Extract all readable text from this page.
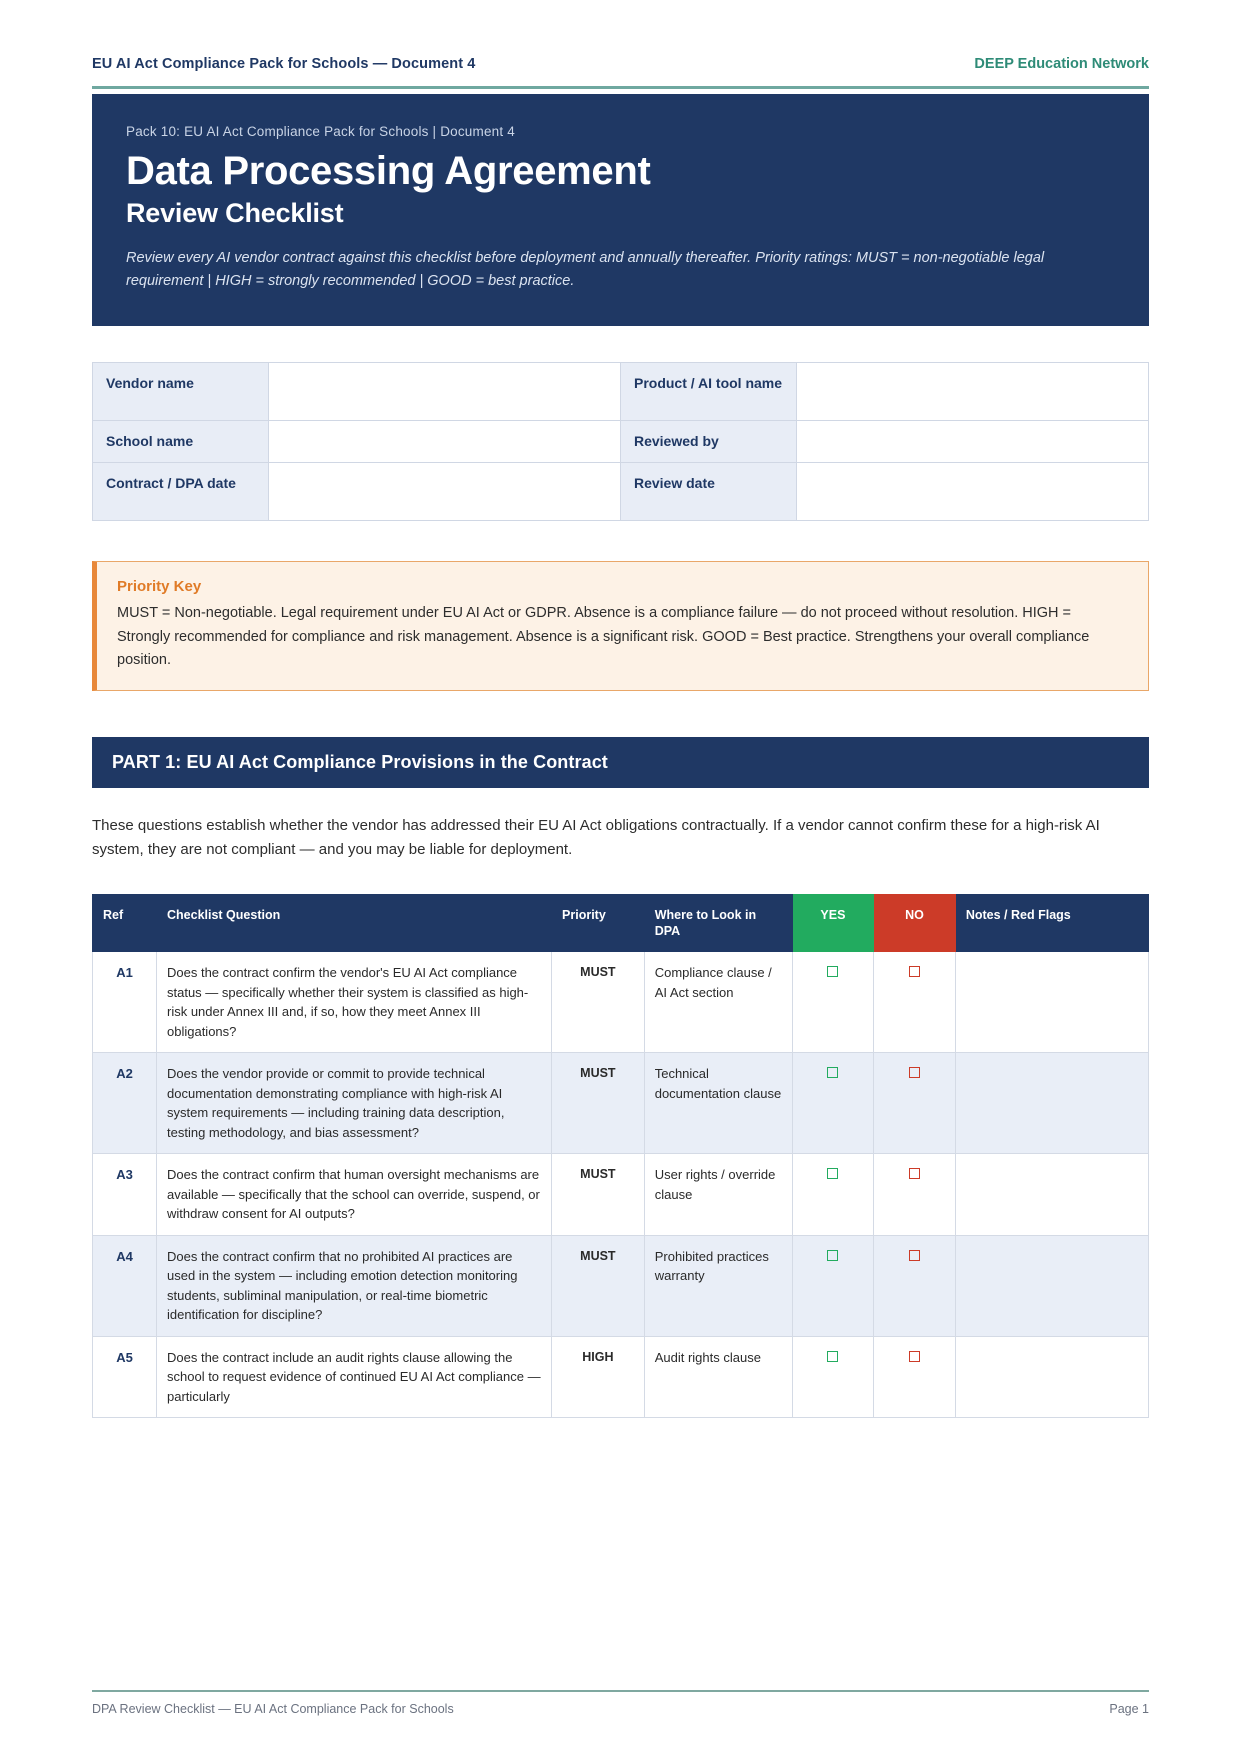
EU AI Act Compliance Pack for Schools — Document 4	DEEP Education Network
Pack 10: EU AI Act Compliance Pack for Schools | Document 4
Data Processing Agreement
Review Checklist
Review every AI vendor contract against this checklist before deployment and annually thereafter. Priority ratings: MUST = non-negotiable legal requirement | HIGH = strongly recommended | GOOD = best practice.
Vendor name		Product / AI tool name	
School name		Reviewed by	
Contract / DPA date		Review date	
Priority Key
MUST = Non-negotiable. Legal requirement under EU AI Act or GDPR. Absence is a compliance failure — do not proceed without resolution. HIGH = Strongly recommended for compliance and risk management. Absence is a significant risk. GOOD = Best practice. Strengthens your overall compliance position.
PART 1: EU AI Act Compliance Provisions in the Contract

These questions establish whether the vendor has addressed their EU AI Act obligations contractually. If a vendor cannot confirm these for a high-risk AI system, they are not compliant — and you may be liable for deployment.

Ref	Checklist Question	Priority	Where to Look in DPA	YES	NO	Notes / Red Flags
A1	Does the contract confirm the vendor's EU AI Act compliance status — specifically whether their system is classified as high-risk under Annex III and, if so, how they meet Annex III obligations?	MUST	Compliance clause / AI Act section			
A2	Does the vendor provide or commit to provide technical documentation demonstrating compliance with high-risk AI system requirements — including training data description, testing methodology, and bias assessment?	MUST	Technical documentation clause			
A3	Does the contract confirm that human oversight mechanisms are available — specifically that the school can override, suspend, or withdraw consent for AI outputs?	MUST	User rights / override clause			
A4	Does the contract confirm that no prohibited AI practices are used in the system — including emotion detection monitoring students, subliminal manipulation, or real-time biometric identification for discipline?	MUST	Prohibited practices warranty			
A5	Does the contract include an audit rights clause allowing the school to request evidence of continued EU AI Act compliance — particularly	HIGH	Audit rights clause			
DPA Review Checklist — EU AI Act Compliance Pack for Schools	Page 1
